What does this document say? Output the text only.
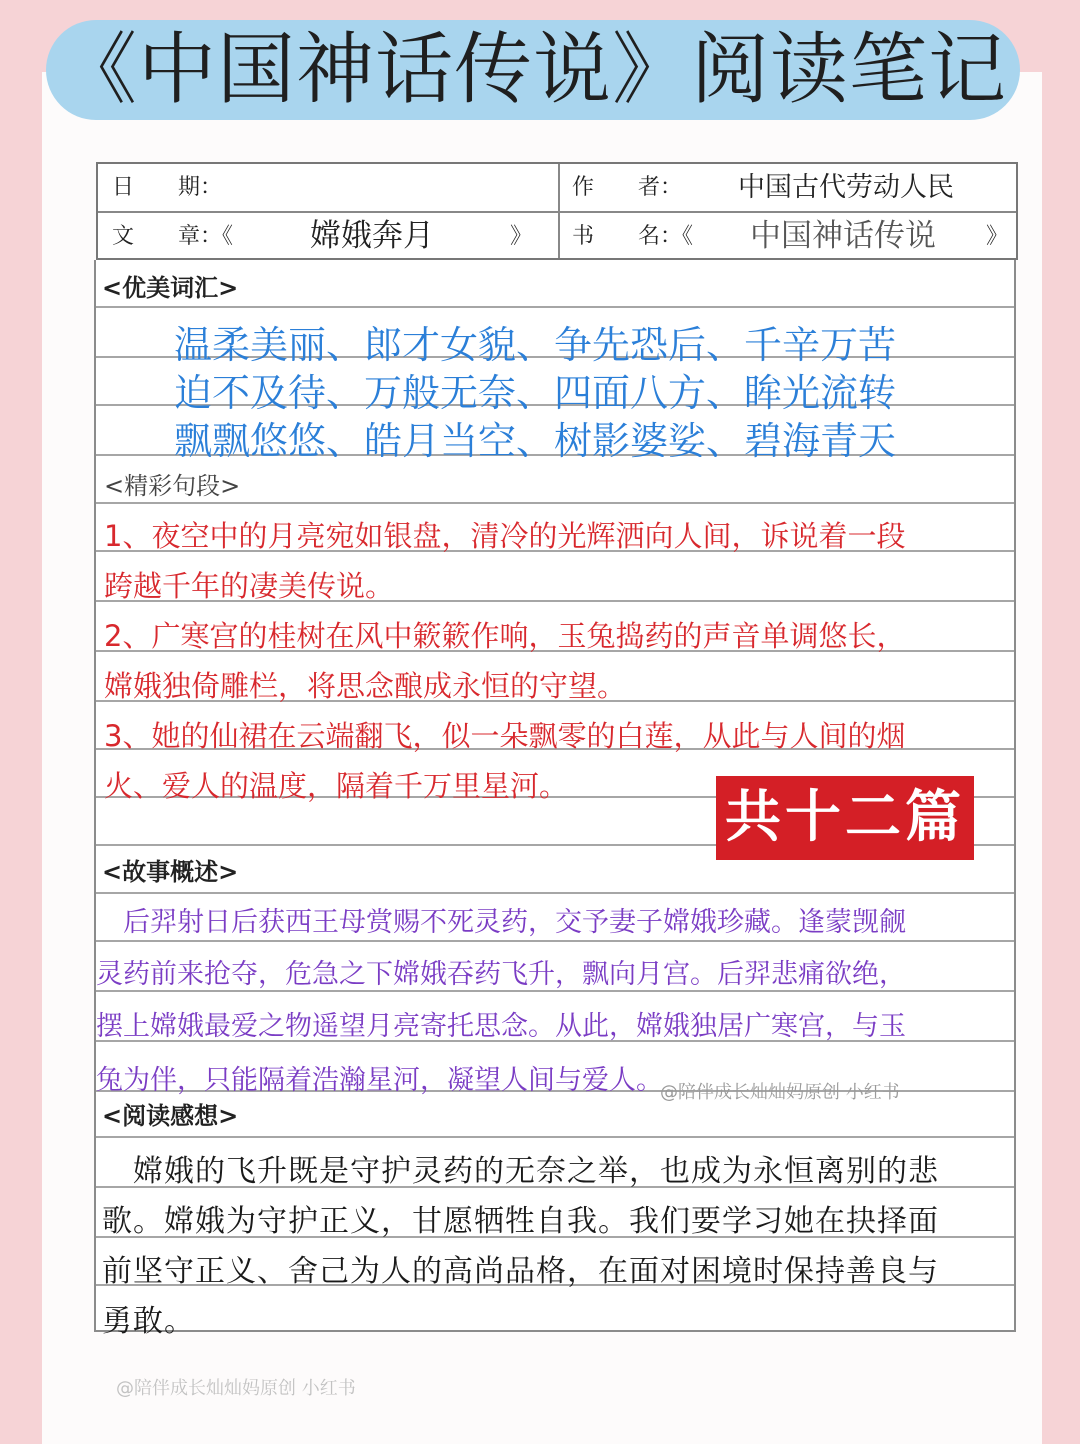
《中国神话传说》阅读笔记
日　　期：	作　　者： 中国古代劳动人民
文　　章：《 嫦娥奔月	》 书　　名：《 中国神话传说 》
<优美词汇>
温柔美丽、郎才女貌、争先恐后、千辛万苦
迫不及待、万般无奈、四面八方、眸光流转
飘飘悠悠、皓月当空、树影婆娑、碧海青天
<精彩句段>
1、夜空中的月亮宛如银盘，清冷的光辉洒向人间，诉说着一段
跨越千年的凄美传说。
2、广寒宫的桂树在风中簌簌作响，玉兔捣药的声音单调悠长，
嫦娥独倚雕栏，将思念酿成永恒的守望。
3、她的仙裙在云端翻飞，似一朵飘零的白莲，从此与人间的烟
火、爱人的温度，隔着千万里星河。	共十二篇
<故事概述>
　后羿射日后获西王母赏赐不死灵药，交予妻子嫦娥珍藏。逢蒙觊觎
灵药前来抢夺，危急之下嫦娥吞药飞升，飘向月宫。后羿悲痛欲绝，
摆上嫦娥最爱之物遥望月亮寄托思念。从此，嫦娥独居广寒宫，与玉
兔为伴，只能隔着浩瀚星河，凝望人间与爱人。
@陪伴成长灿灿妈原创 小红书
<阅读感想>
　嫦娥的飞升既是守护灵药的无奈之举，也成为永恒离别的悲
歌。嫦娥为守护正义，甘愿牺牲自我。我们要学习她在抉择面
前坚守正义、舍己为人的高尚品格，在面对困境时保持善良与
勇敢。
@陪伴成长灿灿妈原创 小红书
